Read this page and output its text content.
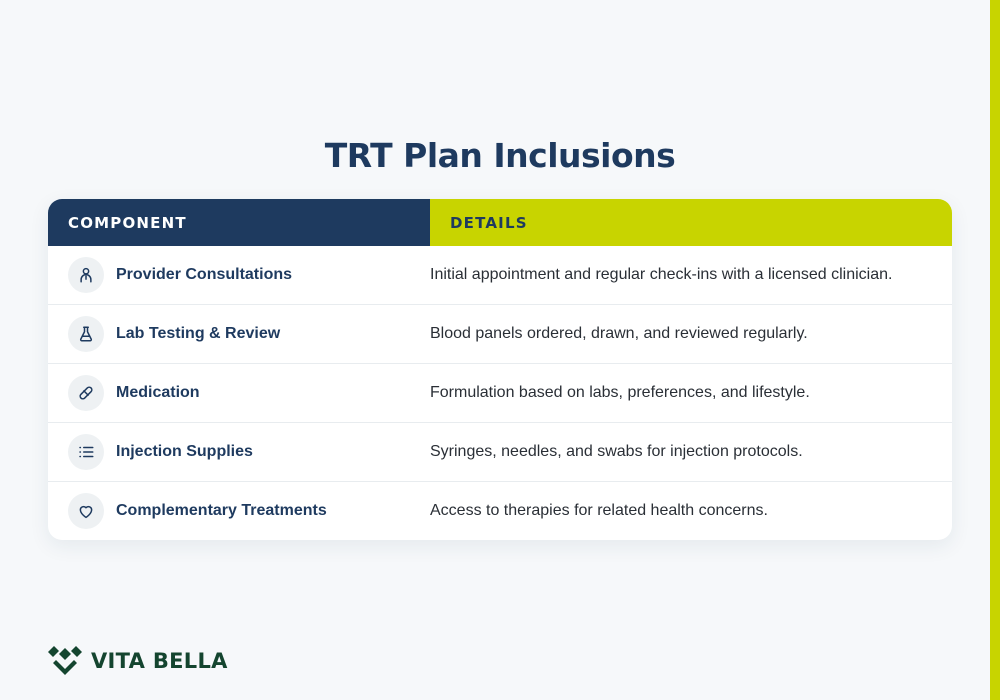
TRT Plan Inclusions
COMPONENT	DETAILS
Provider Consultations	Initial appointment and regular check-ins with a licensed clinician.
Lab Testing & Review	Blood panels ordered, drawn, and reviewed regularly.
Medication	Formulation based on labs, preferences, and lifestyle.
Injection Supplies	Syringes, needles, and swabs for injection protocols.
Complementary Treatments	Access to therapies for related health concerns.
VITA BELLA
